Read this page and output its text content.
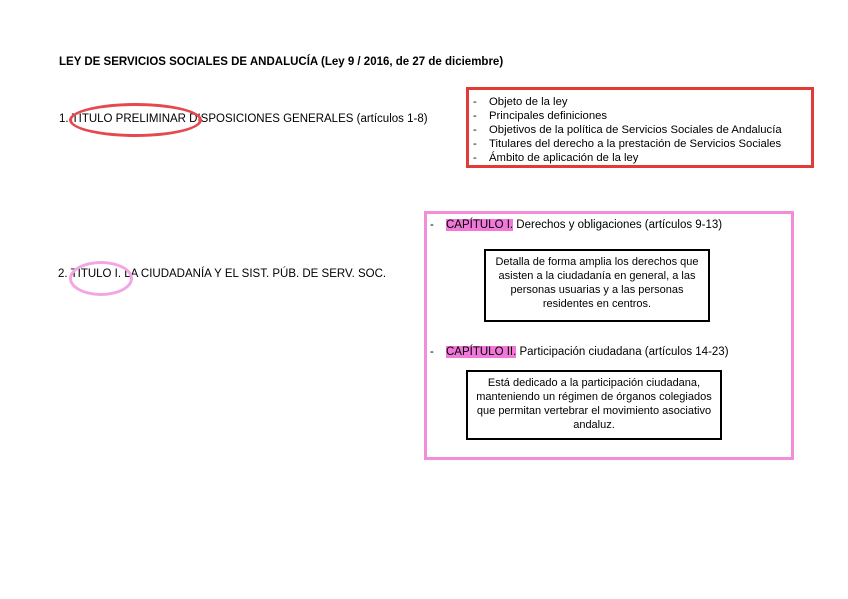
LEY DE SERVICIOS SOCIALES DE ANDALUCÍA (Ley 9 / 2016, de 27 de diciembre)
1. TÍTULO PRELIMINAR DISPOSICIONES GENERALES (artículos 1-8)
- Objeto de la ley
- Principales definiciones
- Objetivos de la política de Servicios Sociales de Andalucía
- Titulares del derecho a la prestación de Servicios Sociales
- Ámbito de aplicación de la ley
2. TÍTULO I. LA CIUDADANÍA Y EL SIST. PÚB. DE SERV. SOC.
- CAPÍTULO I. Derechos y obligaciones (artículos 9-13)
Detalla de forma amplia los derechos que asisten a la ciudadanía en general, a las personas usuarias y a las personas residentes en centros.
- CAPÍTULO II. Participación ciudadana (artículos 14-23)
Está dedicado a la participación ciudadana, manteniendo un régimen de órganos colegiados que permitan vertebrar el movimiento asociativo andaluz.
